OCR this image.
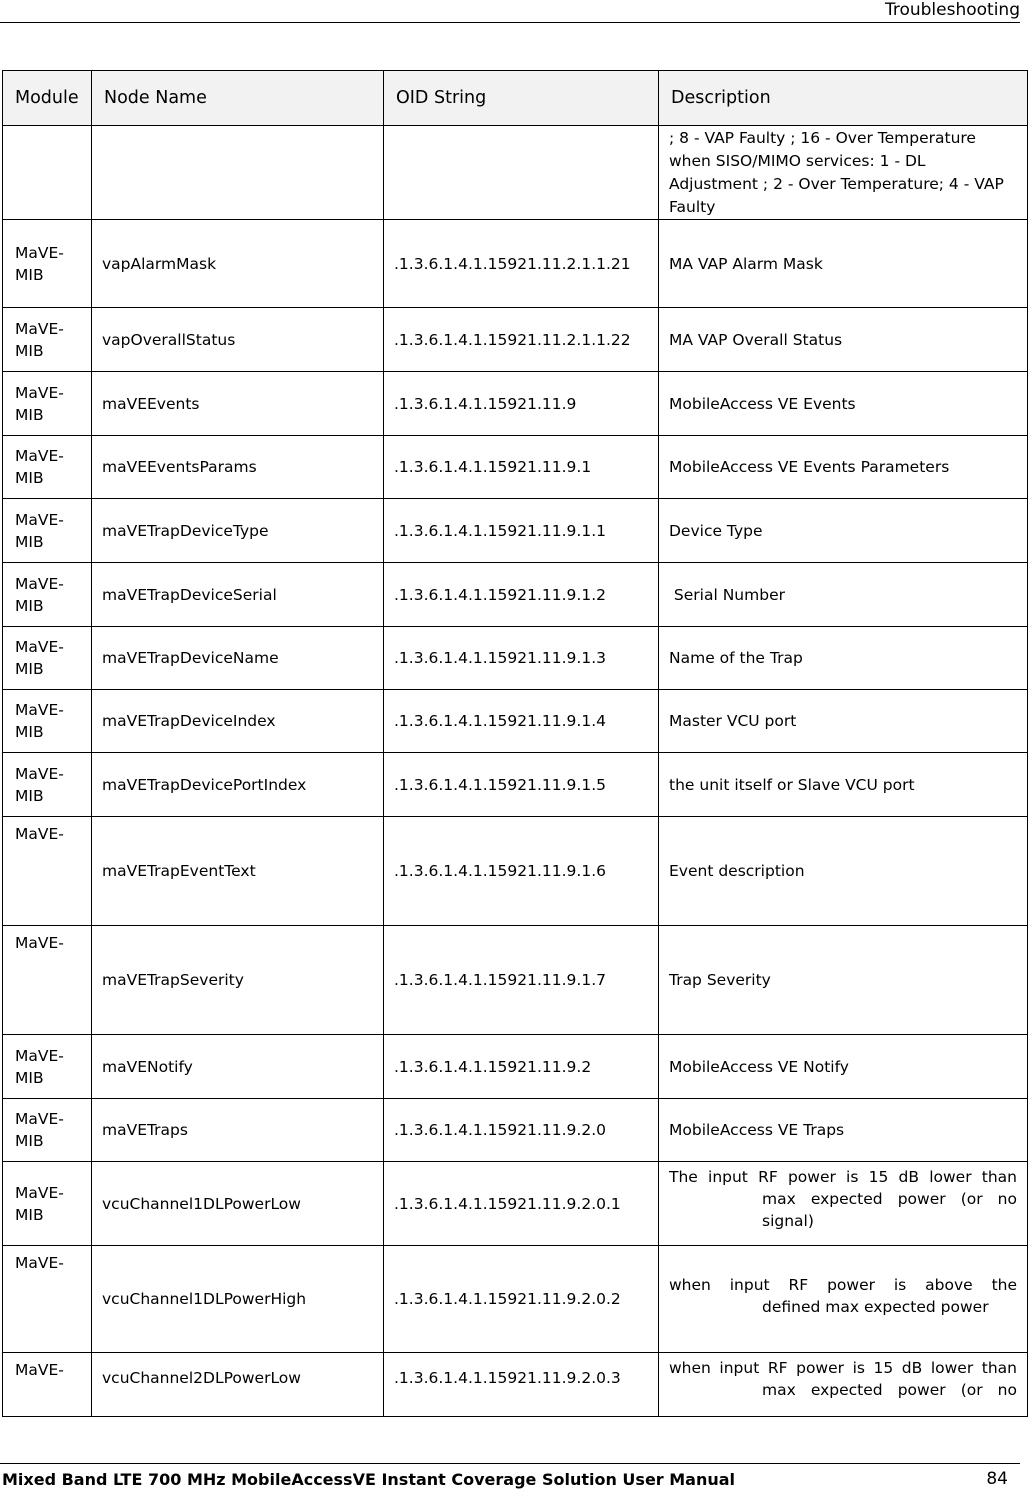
Troubleshooting
Module	Node Name	OID String	Description
			; 8 - VAP Faulty ; 16 - Over Temperature when SISO/MIMO services: 1 - DL Adjustment ; 2 - Over Temperature; 4 - VAP Faulty
MaVE-MIB	vapAlarmMask	.1.3.6.1.4.1.15921.11.2.1.1.21	MA VAP Alarm Mask
MaVE-MIB	vapOverallStatus	.1.3.6.1.4.1.15921.11.2.1.1.22	MA VAP Overall Status
MaVE-MIB	maVEEvents	.1.3.6.1.4.1.15921.11.9	MobileAccess VE Events
MaVE-MIB	maVEEventsParams	.1.3.6.1.4.1.15921.11.9.1	MobileAccess VE Events Parameters
MaVE-MIB	maVETrapDeviceType	.1.3.6.1.4.1.15921.11.9.1.1	Device Type
MaVE-MIB	maVETrapDeviceSerial	.1.3.6.1.4.1.15921.11.9.1.2	Serial Number
MaVE-MIB	maVETrapDeviceName	.1.3.6.1.4.1.15921.11.9.1.3	Name of the Trap
MaVE-MIB	maVETrapDeviceIndex	.1.3.6.1.4.1.15921.11.9.1.4	Master VCU port
MaVE-MIB	maVETrapDevicePortIndex	.1.3.6.1.4.1.15921.11.9.1.5	the unit itself or Slave VCU port
MaVE-	maVETrapEventText	.1.3.6.1.4.1.15921.11.9.1.6	Event description
MaVE-	maVETrapSeverity	.1.3.6.1.4.1.15921.11.9.1.7	Trap Severity
MaVE-MIB	maVENotify	.1.3.6.1.4.1.15921.11.9.2	MobileAccess VE Notify
MaVE-MIB	maVETraps	.1.3.6.1.4.1.15921.11.9.2.0	MobileAccess VE Traps
MaVE-MIB	vcuChannel1DLPowerLow	.1.3.6.1.4.1.15921.11.9.2.0.1	The input RF power is 15 dB lower than
max expected power (or no signal)

MaVE-	vcuChannel1DLPowerHigh	.1.3.6.1.4.1.15921.11.9.2.0.2	when input RF power is above the
defined max expected power

MaVE-	vcuChannel2DLPowerLow	.1.3.6.1.4.1.15921.11.9.2.0.3	when input RF power is 15 dB lower than
max expected power (or no
Mixed Band LTE 700 MHz MobileAccessVE Instant Coverage Solution User Manual	84
